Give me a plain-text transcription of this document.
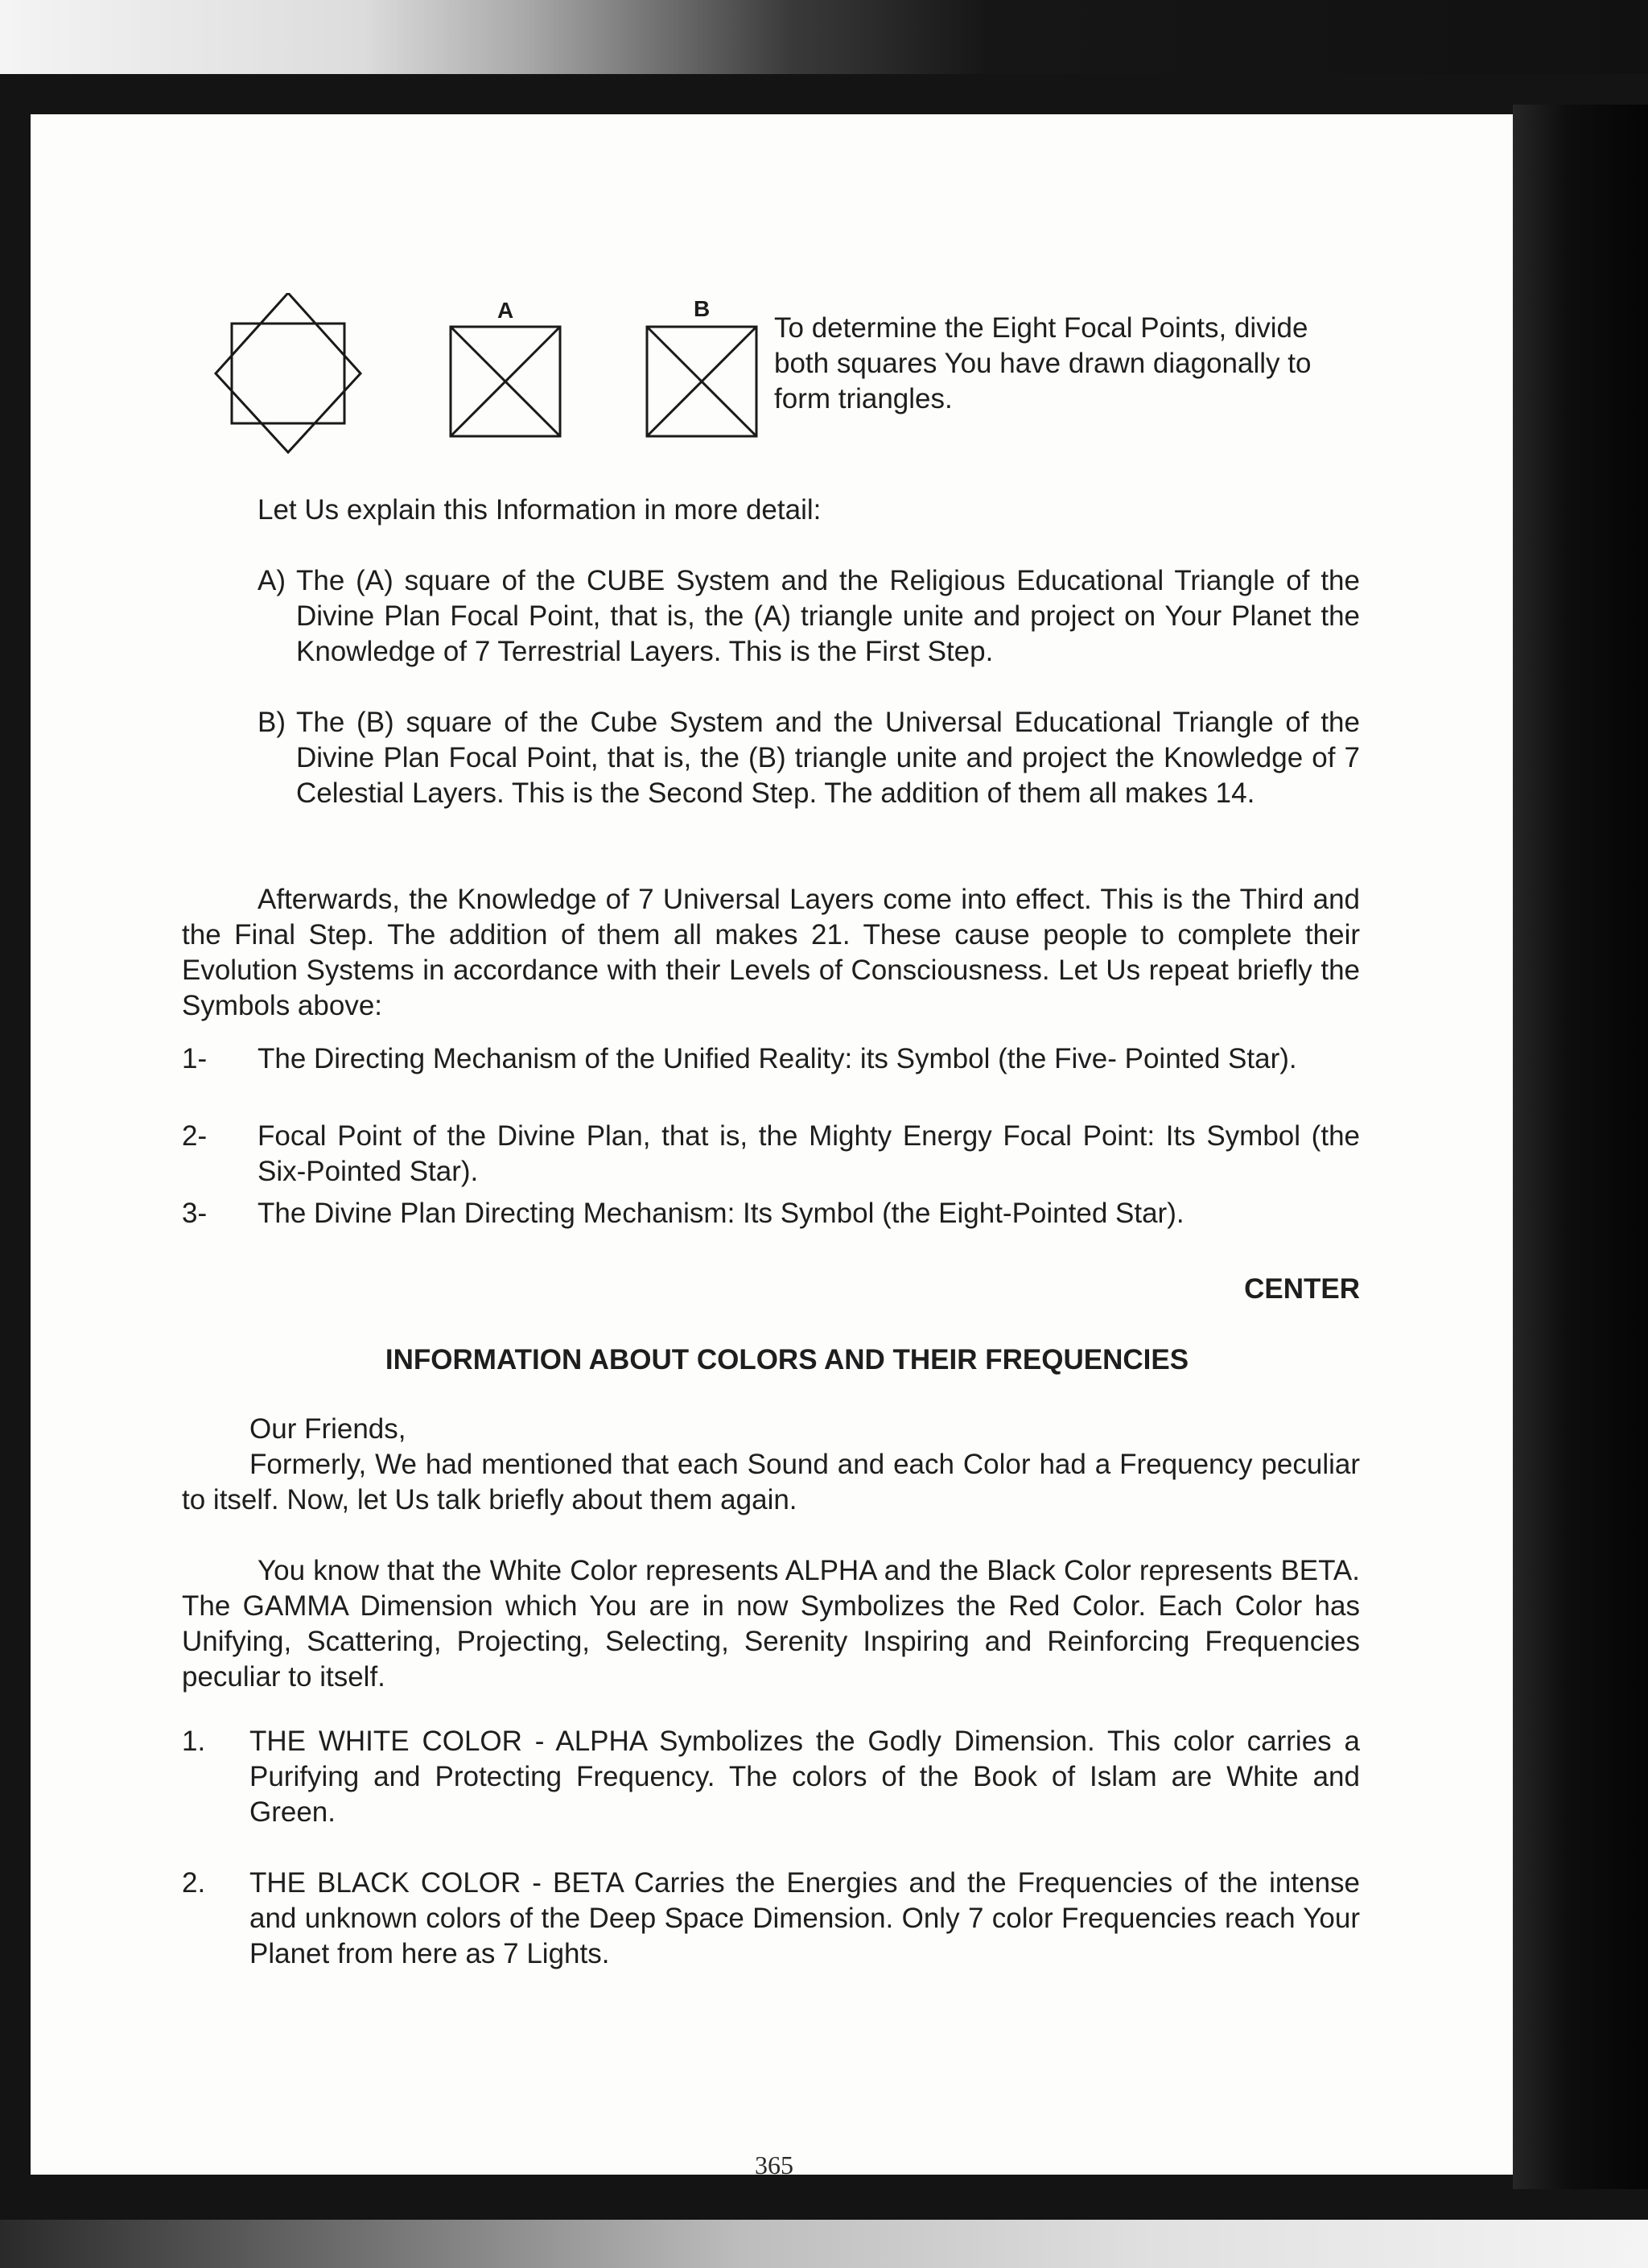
A	B
To determine the Eight Focal Points, divide both squares You have drawn diagonally to form triangles.
Let Us explain this Information in more detail:
A) The (A) square of the CUBE System and the Religious Educational Triangle of the Divine Plan Focal Point, that is, the (A) triangle unite and project on Your Planet the Knowledge of 7 Terrestrial Layers. This is the First Step.
B) The (B) square of the Cube System and the Universal Educational Triangle of the Divine Plan Focal Point, that is, the (B) triangle unite and project the Knowledge of 7 Celestial Layers. This is the Second Step. The addition of them all makes 14.
Afterwards, the Knowledge of 7 Universal Layers come into effect. This is the Third and the Final Step. The addition of them all makes 21. These cause people to complete their Evolution Systems in accordance with their Levels of Consciousness. Let Us repeat briefly the Symbols above:
1- The Directing Mechanism of the Unified Reality: its Symbol (the Five- Pointed Star).
2- Focal Point of the Divine Plan, that is, the Mighty Energy Focal Point: Its Symbol (the Six-Pointed Star).
3- The Divine Plan Directing Mechanism: Its Symbol (the Eight-Pointed Star).
CENTER
INFORMATION ABOUT COLORS AND THEIR FREQUENCIES
Our Friends,
Formerly, We had mentioned that each Sound and each Color had a Frequency peculiar to itself. Now, let Us talk briefly about them again.
You know that the White Color represents ALPHA and the Black Color represents BETA. The GAMMA Dimension which You are in now Symbolizes the Red Color. Each Color has Unifying, Scattering, Projecting, Selecting, Serenity Inspiring and Reinforcing Frequencies peculiar to itself.
1. THE WHITE COLOR - ALPHA Symbolizes the Godly Dimension. This color carries a Purifying and Protecting Frequency. The colors of the Book of Islam are White and Green.
2. THE BLACK COLOR - BETA Carries the Energies and the Frequencies of the intense and unknown colors of the Deep Space Dimension. Only 7 color Frequencies reach Your Planet from here as 7 Lights.
365
